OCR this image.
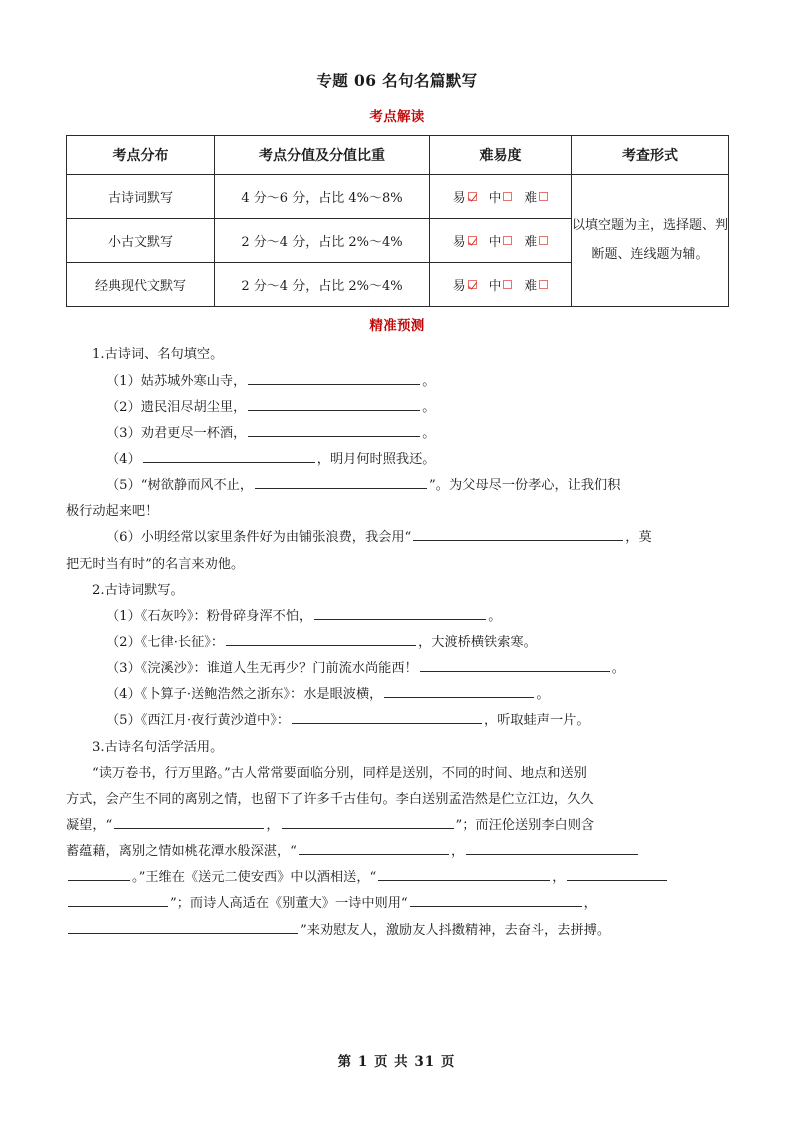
专题 06 名句名篇默写
考点解读
考点分布	考点分值及分值比重	难易度	考查形式
古诗词默写	4 分～6 分，占比 4%～8%	易 中 难	以填空题为主，选择题、判断题、连线题为辅。
小古文默写	2 分～4 分，占比 2%～4%	易 中 难	

经典现代文默写	2 分～4 分，占比 2%～4%	易 中 难	
精准预测
1.古诗词、名句填空。
（1）姑苏城外寒山寺，	。
（2）遗民泪尽胡尘里，	。
（3）劝君更尽一杯酒，	。
（4）	，明月何时照我还。
（5）“树欲静而风不止，	”。为父母尽一份孝心，让我们积
极行动起来吧！
（6）小明经常以家里条件好为由铺张浪费，我会用“	，莫
把无时当有时”的名言来劝他。
2.古诗词默写。
（1）《石灰吟》：粉骨碎身浑不怕，	。
（2）《七律·长征》：	，大渡桥横铁索寒。
（3）《浣溪沙》：谁道人生无再少？门前流水尚能西！	。
（4）《卜算子·送鲍浩然之浙东》：水是眼波横，	。
（5）《西江月·夜行黄沙道中》：	，听取蛙声一片。
3.古诗名句活学活用。
“读万卷书，行万里路。”古人常常要面临分别，同样是送别，不同的时间、地点和送别
方式，会产生不同的离别之情，也留下了许多千古佳句。李白送别孟浩然是伫立江边，久久
凝望，“	，	”；而汪伦送别李白则含
蓄蕴藉，离别之情如桃花潭水般深湛，“	，
。”王维在《送元二使安西》中以酒相送，“	，
”；而诗人高适在《别董大》一诗中则用“	，
”来劝慰友人，激励友人抖擞精神，去奋斗，去拼搏。
第 1 页 共 31 页
